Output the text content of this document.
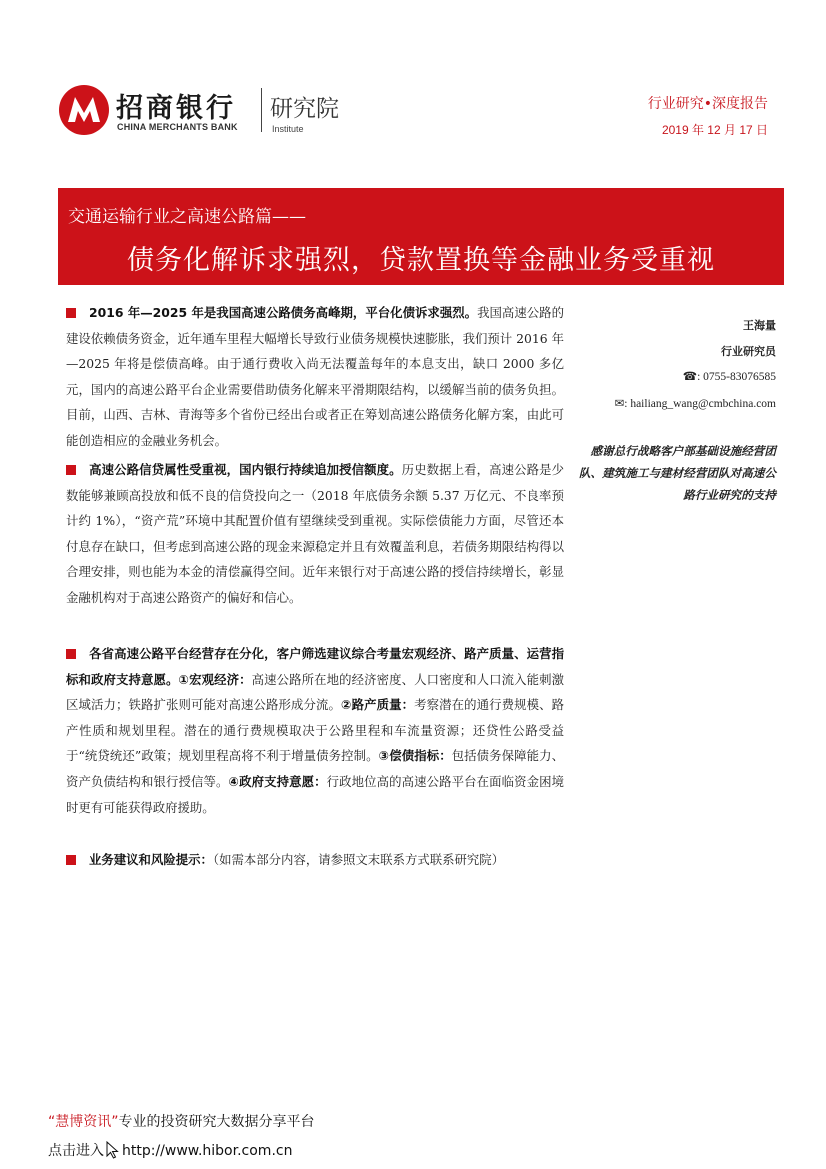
招商银行
CHINA MERCHANTS BANK
研究院
Institute
行业研究•深度报告
2019 年 12 月 17 日
交通运输行业之高速公路篇——
债务化解诉求强烈，贷款置换等金融业务受重视
2016 年—2025 年是我国高速公路债务高峰期，平台化债诉求强烈。我国高速公路的建设依赖债务资金，近年通车里程大幅增长导致行业债务规模快速膨胀，我们预计 2016 年—2025 年将是偿债高峰。由于通行费收入尚无法覆盖每年的本息支出，缺口 2000 多亿元，国内的高速公路平台企业需要借助债务化解来平滑期限结构，以缓解当前的债务负担。目前，山西、吉林、青海等多个省份已经出台或者正在筹划高速公路债务化解方案，由此可能创造相应的金融业务机会。
高速公路信贷属性受重视，国内银行持续追加授信额度。历史数据上看，高速公路是少数能够兼顾高投放和低不良的信贷投向之一（2018 年底债务余额 5.37 万亿元、不良率预计约 1%），“资产荒”环境中其配置价值有望继续受到重视。实际偿债能力方面，尽管还本付息存在缺口，但考虑到高速公路的现金来源稳定并且有效覆盖利息，若债务期限结构得以合理安排，则也能为本金的清偿赢得空间。近年来银行对于高速公路的授信持续增长，彰显金融机构对于高速公路资产的偏好和信心。
各省高速公路平台经营存在分化，客户筛选建议综合考量宏观经济、路产质量、运营指标和政府支持意愿。①宏观经济：高速公路所在地的经济密度、人口密度和人口流入能刺激区域活力；铁路扩张则可能对高速公路形成分流。②路产质量：考察潜在的通行费规模、路产性质和规划里程。潜在的通行费规模取决于公路里程和车流量资源；还贷性公路受益于“统贷统还”政策；规划里程高将不利于增量债务控制。③偿债指标：包括债务保障能力、资产负债结构和银行授信等。④政府支持意愿：行政地位高的高速公路平台在面临资金困境时更有可能获得政府援助。
业务建议和风险提示：（如需本部分内容，请参照文末联系方式联系研究院）
王海量
行业研究员
☎: 0755-83076585
✉: hailiang_wang@cmbchina.com
感谢总行战略客户部基础设施经营团队、建筑施工与建材经营团队对高速公路行业研究的支持
“慧博资讯”专业的投资研究大数据分享平台
点击进入 http://www.hibor.com.cn
